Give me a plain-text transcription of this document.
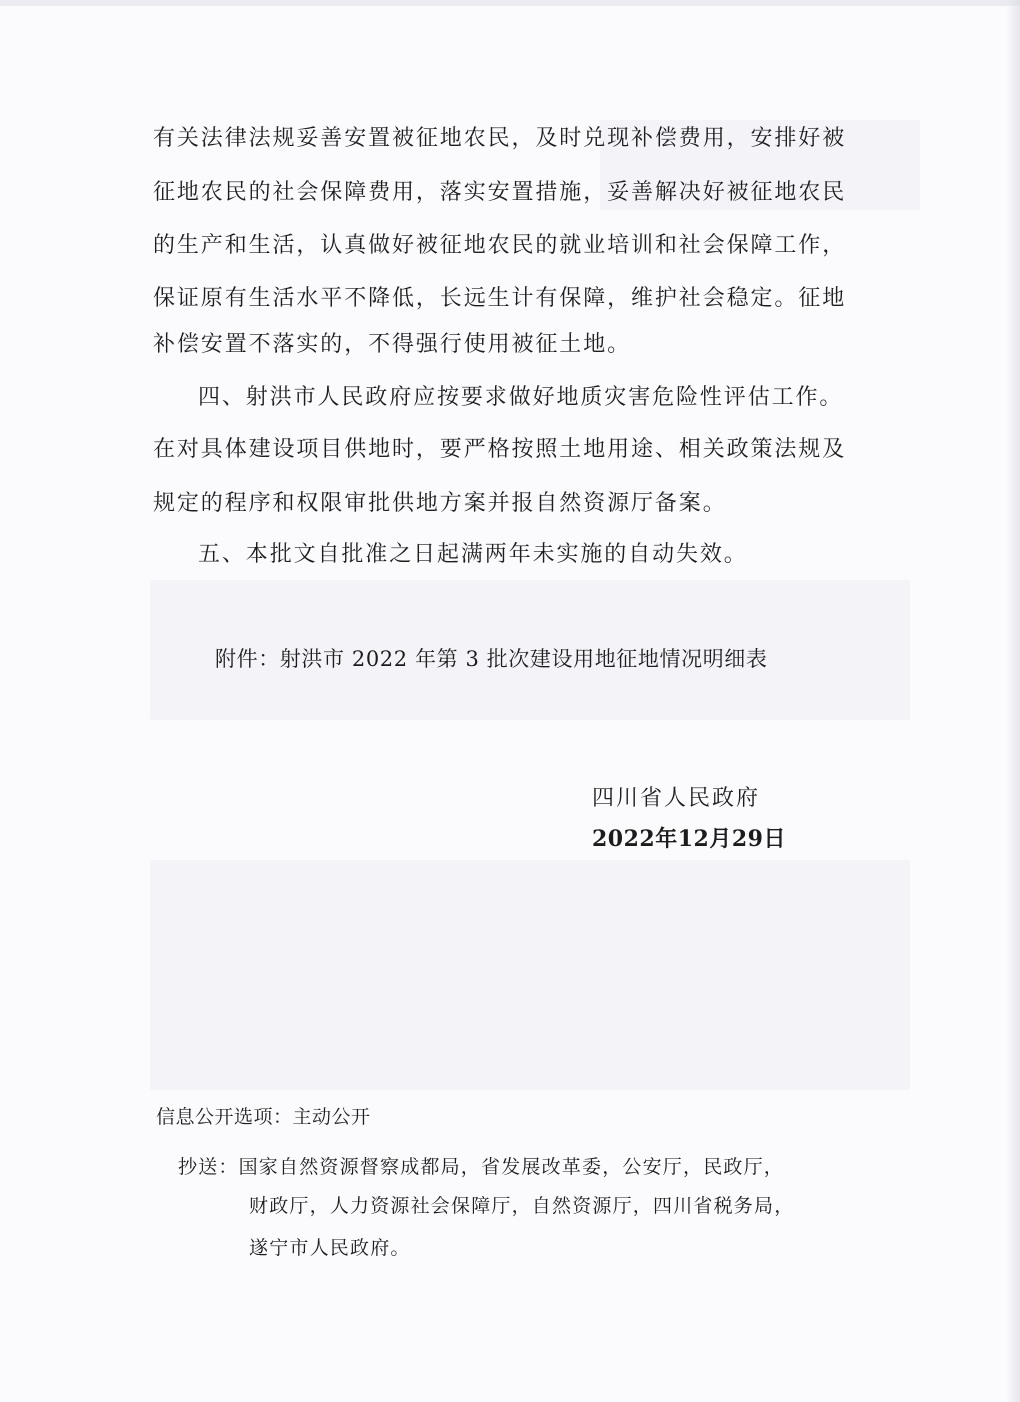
有关法律法规妥善安置被征地农民，及时兑现补偿费用，安排好被
征地农民的社会保障费用，落实安置措施，妥善解决好被征地农民
的生产和生活，认真做好被征地农民的就业培训和社会保障工作，
保证原有生活水平不降低，长远生计有保障，维护社会稳定。征地
补偿安置不落实的，不得强行使用被征土地。
四、射洪市人民政府应按要求做好地质灾害危险性评估工作。
在对具体建设项目供地时，要严格按照土地用途、相关政策法规及
规定的程序和权限审批供地方案并报自然资源厅备案。
五、本批文自批准之日起满两年未实施的自动失效。
附件：射洪市 2022 年第 3 批次建设用地征地情况明细表
四川省人民政府
2022年12月29日
信息公开选项：主动公开
抄送：国家自然资源督察成都局，省发展改革委，公安厅，民政厅，
财政厅，人力资源社会保障厅，自然资源厅，四川省税务局，
遂宁市人民政府。
